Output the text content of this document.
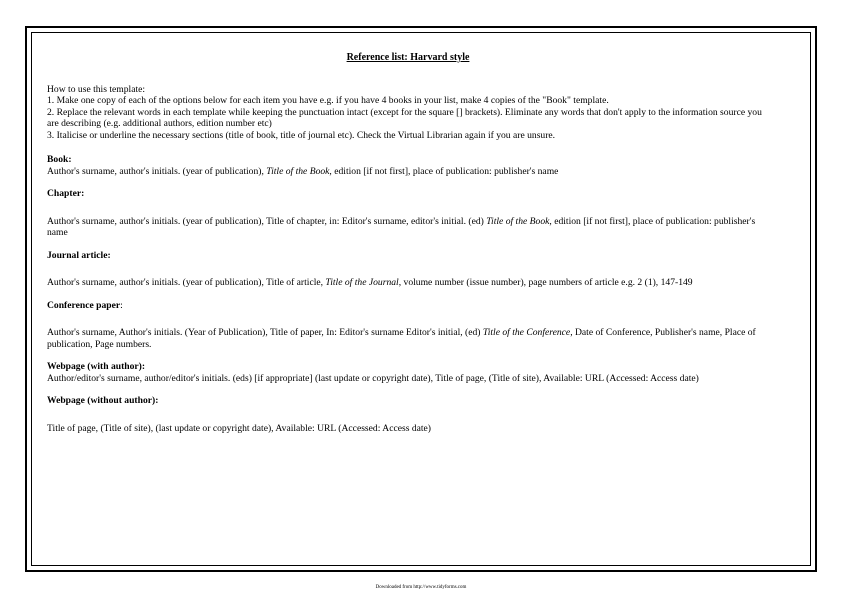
Reference list: Harvard style

How to use this template:

1. Make one copy of each of the options below for each item you have e.g. if you have 4 books in your list, make 4 copies of the "Book" template.

2. Replace the relevant words in each template while keeping the punctuation intact (except for the square [] brackets). Eliminate any words that don't apply to the information source you are describing (e.g. additional authors, edition number etc)

3. Italicise or underline the necessary sections (title of book, title of journal etc). Check the Virtual Librarian again if you are unsure.

Book:

Author's surname, author's initials. (year of publication), Title of the Book, edition [if not first], place of publication: publisher's name

Chapter:

Author's surname, author's initials. (year of publication), Title of chapter, in: Editor's surname, editor's initial. (ed) Title of the Book, edition [if not first], place of publication: publisher's name

Journal article:

Author's surname, author's initials. (year of publication), Title of article, Title of the Journal, volume number (issue number), page numbers of article e.g. 2 (1), 147-149

Conference paper:

Author's surname, Author's initials. (Year of Publication), Title of paper, In: Editor's surname Editor's initial, (ed) Title of the Conference, Date of Conference, Publisher's name, Place of publication, Page numbers.

Webpage (with author):

Author/editor's surname, author/editor's initials. (eds) [if appropriate] (last update or copyright date), Title of page, (Title of site), Available: URL (Accessed: Access date)

Webpage (without author):

Title of page, (Title of site), (last update or copyright date), Available: URL (Accessed: Access date)

Downloaded from http://www.tidyforms.com
